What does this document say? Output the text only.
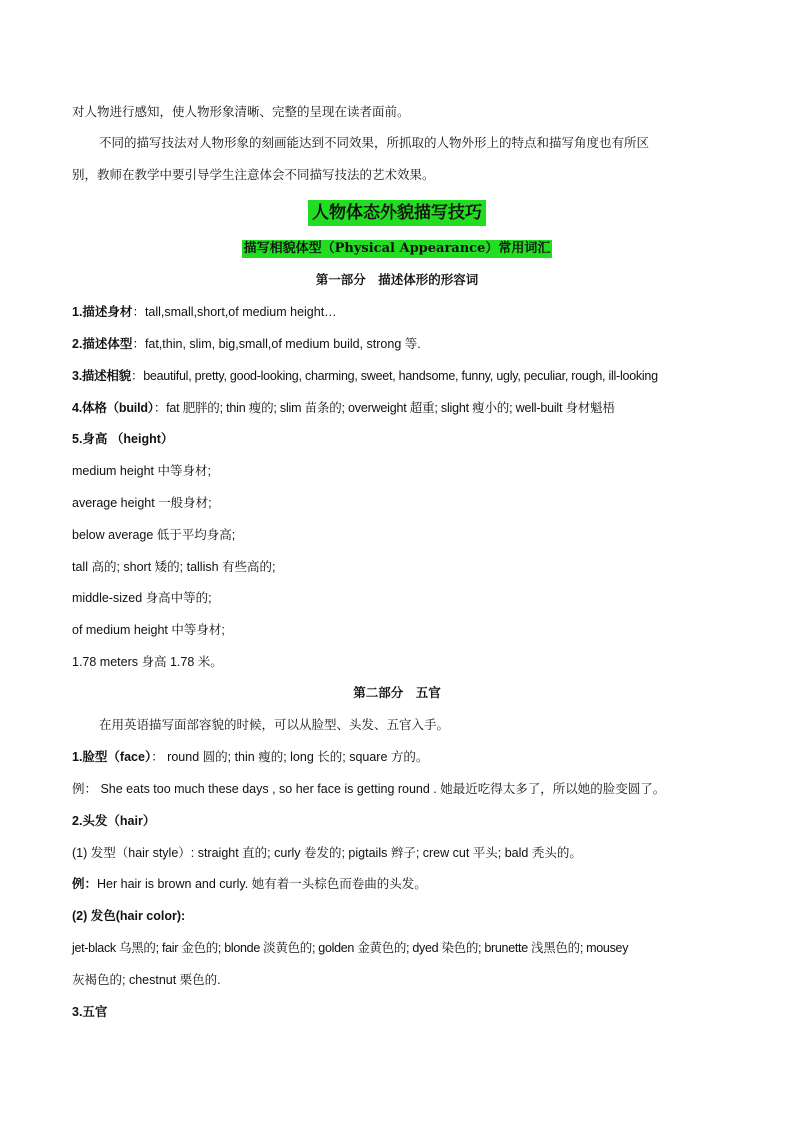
对人物进行感知，使人物形象清晰、完整的呈现在读者面前。
不同的描写技法对人物形象的刻画能达到不同效果，所抓取的人物外形上的特点和描写角度也有所区
别，教师在教学中要引导学生注意体会不同描写技法的艺术效果。
人物体态外貌描写技巧
描写相貌体型（Physical Appearance）常用词汇
第一部分　描述体形的形容词
1.描述身材：tall,small,short,of medium height…
2.描述体型：fat,thin, slim, big,small,of medium build, strong 等.
3.描述相貌：beautiful, pretty, good-looking, charming, sweet, handsome, funny, ugly, peculiar, rough, ill-looking
4.体格（build）：fat 肥胖的; thin 瘦的; slim 苗条的; overweight 超重; slight 瘦小的; well-built 身材魁梧
5.身高 （height）
medium height 中等身材;
average height 一般身材;
below average 低于平均身高;
tall 高的; short 矮的; tallish 有些高的;
middle-sized 身高中等的;
of medium height 中等身材;
1.78 meters 身高 1.78 米。
第二部分　五官
在用英语描写面部容貌的时候，可以从脸型、头发、五官入手。
1.脸型（face）： round 圆的; thin 瘦的; long 长的; square 方的。
例： She eats too much these days , so her face is getting round . 她最近吃得太多了，所以她的脸变圆了。
2.头发（hair）
(1) 发型（hair style）: straight 直的; curly 卷发的; pigtails 辫子; crew cut 平头; bald 秃头的。
例：Her hair is brown and curly. 她有着一头棕色而卷曲的头发。
(2) 发色(hair color):
jet-black 乌黑的; fair 金色的; blonde 淡黄色的; golden 金黄色的; dyed 染色的; brunette 浅黑色的; mousey
灰褐色的; chestnut 栗色的.
3.五官
